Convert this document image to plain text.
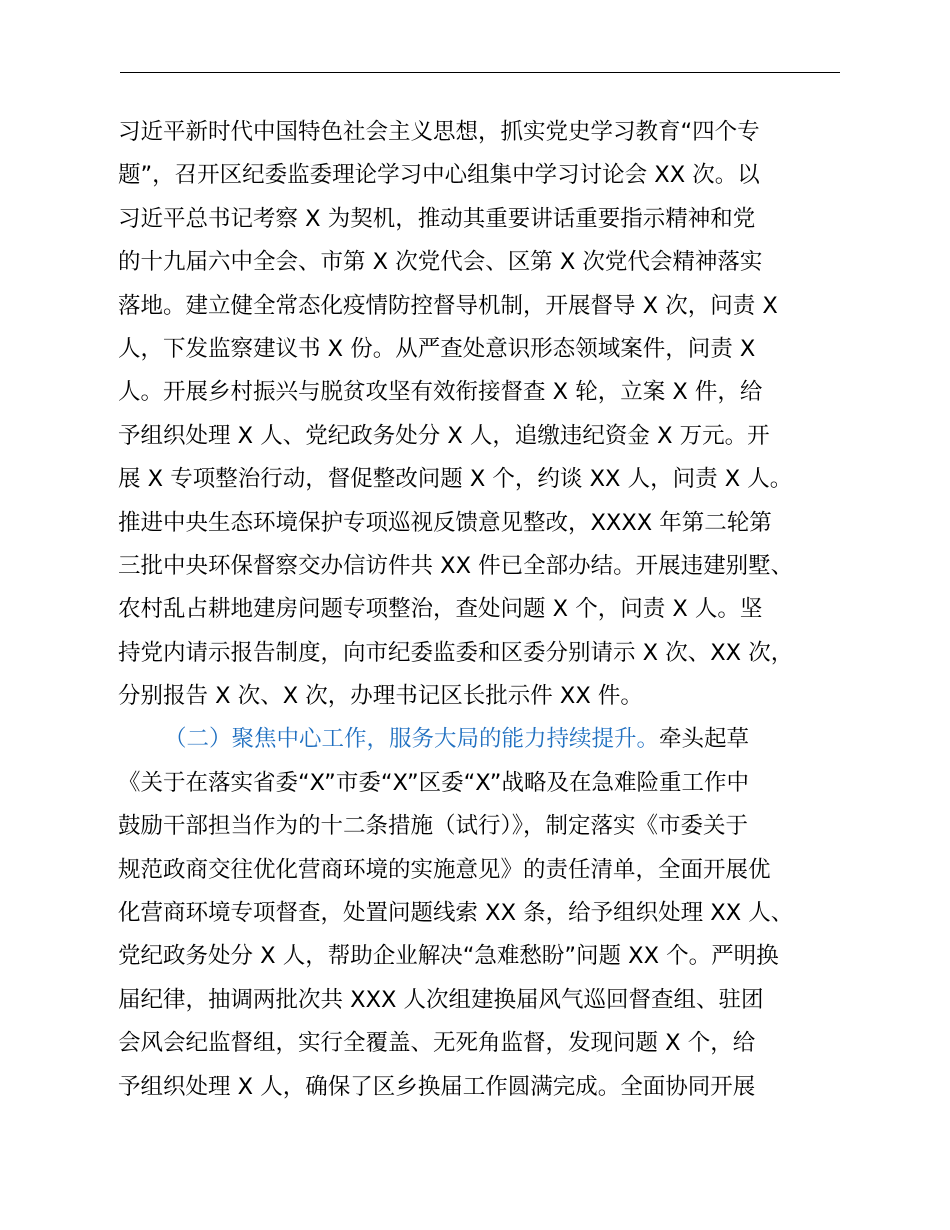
习近平新时代中国特色社会主义思想，抓实党史学习教育“四个专
题”，召开区纪委监委理论学习中心组集中学习讨论会 XX 次。以
习近平总书记考察 X 为契机，推动其重要讲话重要指示精神和党
的十九届六中全会、市第 X 次党代会、区第 X 次党代会精神落实
落地。建立健全常态化疫情防控督导机制，开展督导 X 次，问责 X
人，下发监察建议书 X 份。从严查处意识形态领域案件，问责 X
人。开展乡村振兴与脱贫攻坚有效衔接督查 X 轮，立案 X 件，给
予组织处理 X 人、党纪政务处分 X 人，追缴违纪资金 X 万元。开
展 X 专项整治行动，督促整改问题 X 个，约谈 XX 人，问责 X 人。
推进中央生态环境保护专项巡视反馈意见整改，XXXX 年第二轮第
三批中央环保督察交办信访件共 XX 件已全部办结。开展违建别墅、
农村乱占耕地建房问题专项整治，查处问题 X 个，问责 X 人。坚
持党内请示报告制度，向市纪委监委和区委分别请示 X 次、XX 次，
分别报告 X 次、X 次，办理书记区长批示件 XX 件。
（二）聚焦中心工作，服务大局的能力持续提升。牵头起草
《关于在落实省委“X”市委“X”区委“X”战略及在急难险重工作中
鼓励干部担当作为的十二条措施（试行）》，制定落实《市委关于
规范政商交往优化营商环境的实施意见》的责任清单，全面开展优
化营商环境专项督查，处置问题线索 XX 条，给予组织处理 XX 人、
党纪政务处分 X 人，帮助企业解决“急难愁盼”问题 XX 个。严明换
届纪律，抽调两批次共 XXX 人次组建换届风气巡回督查组、驻团
会风会纪监督组，实行全覆盖、无死角监督，发现问题 X 个，给
予组织处理 X 人，确保了区乡换届工作圆满完成。全面协同开展
